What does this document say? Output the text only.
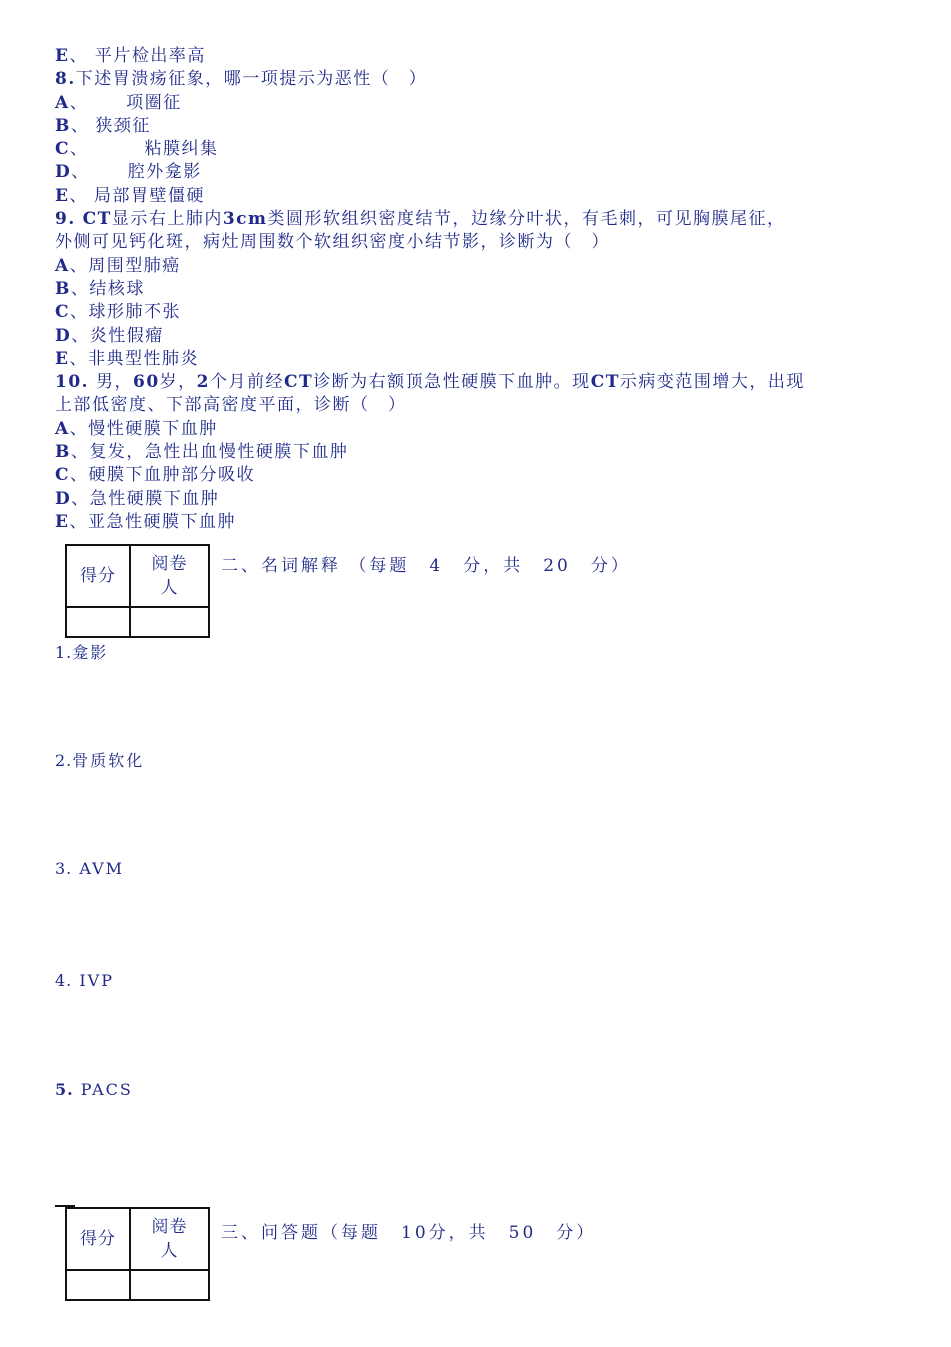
E、 平片检出率高
8.下述胃溃疡征象，哪一项提示为恶性（　）
A、 项圈征
B、 狭颈征
C、	粘膜纠集
D、 腔外龛影
E、 局部胃壁僵硬
9. CT显示右上肺内3cm类圆形软组织密度结节，边缘分叶状，有毛刺，可见胸膜尾征，
外侧可见钙化斑，病灶周围数个软组织密度小结节影，诊断为（　）
A、周围型肺癌
B、结核球
C、球形肺不张
D、炎性假瘤
E、非典型性肺炎
10. 男，60岁，2个月前经CT诊断为右额顶急性硬膜下血肿。现CT示病变范围增大，出现
上部低密度、下部高密度平面，诊断（　）
A、慢性硬膜下血肿
B、复发，急性出血慢性硬膜下血肿
C、硬膜下血肿部分吸收
D、急性硬膜下血肿
E、亚急性硬膜下血肿
得分	阅卷
人

二、名词解释 （每题　4　分，共　20　分）
1.龛影
2.骨质软化
3. AVM
4. IVP
5. PACS
得分	阅卷
人

三、问答题（每题　10分，共　50　分）
